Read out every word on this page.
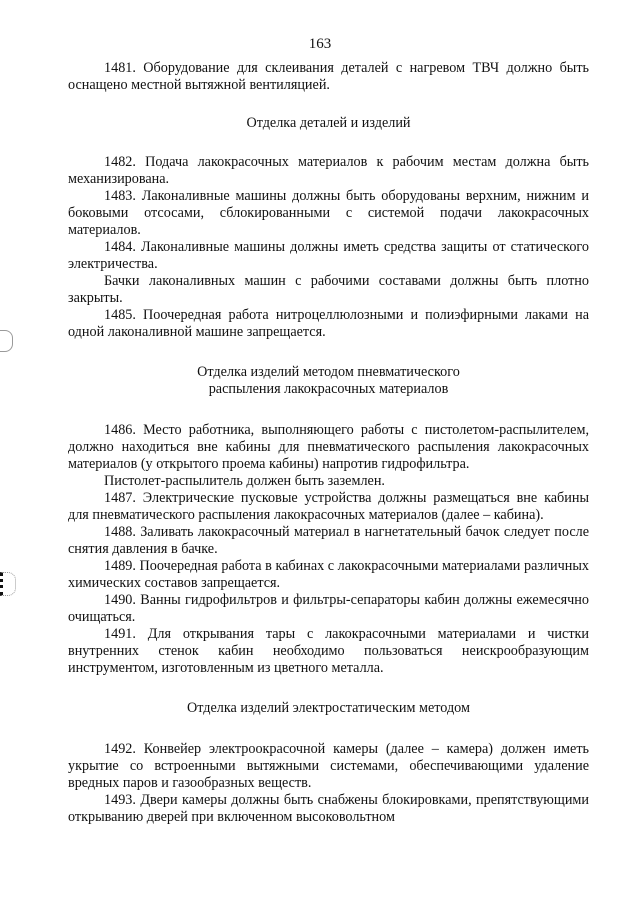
163

1481. Оборудование для склеивания деталей с нагревом ТВЧ должно быть оснащено местной вытяжной вентиляцией.

Отделка деталей и изделий

1482. Подача лакокрасочных материалов к рабочим местам должна быть механизирована.

1483. Лаконаливные машины должны быть оборудованы верхним, нижним и боковыми отсосами, сблокированными с системой подачи лакокрасочных материалов.

1484. Лаконаливные машины должны иметь средства защиты от статического электричества.

Бачки лаконаливных машин с рабочими составами должны быть плотно закрыты.

1485. Поочередная работа нитроцеллюлозными и полиэфирными лаками на одной лаконаливной машине запрещается.

Отделка изделий методом пневматического
распыления лакокрасочных материалов

1486. Место работника, выполняющего работы с пистолетом-распылителем, должно находиться вне кабины для пневматического распыления лакокрасочных материалов (у открытого проема кабины) напротив гидрофильтра.

Пистолет-распылитель должен быть заземлен.

1487. Электрические пусковые устройства должны размещаться вне кабины для пневматического распыления лакокрасочных материалов (далее – кабина).

1488. Заливать лакокрасочный материал в нагнетательный бачок следует после снятия давления в бачке.

1489. Поочередная работа в кабинах с лакокрасочными материалами различных химических составов запрещается.

1490. Ванны гидрофильтров и фильтры-сепараторы кабин должны ежемесячно очищаться.

1491. Для открывания тары с лакокрасочными материалами и чистки внутренних стенок кабин необходимо пользоваться неискрообразующим инструментом, изготовленным из цветного металла.

Отделка изделий электростатическим методом

1492. Конвейер электроокрасочной камеры (далее – камера) должен иметь укрытие со встроенными вытяжными системами, обеспечивающими удаление вредных паров и газообразных веществ.

1493. Двери камеры должны быть снабжены блокировками, препятствующими открыванию дверей при включенном высоковольтном
